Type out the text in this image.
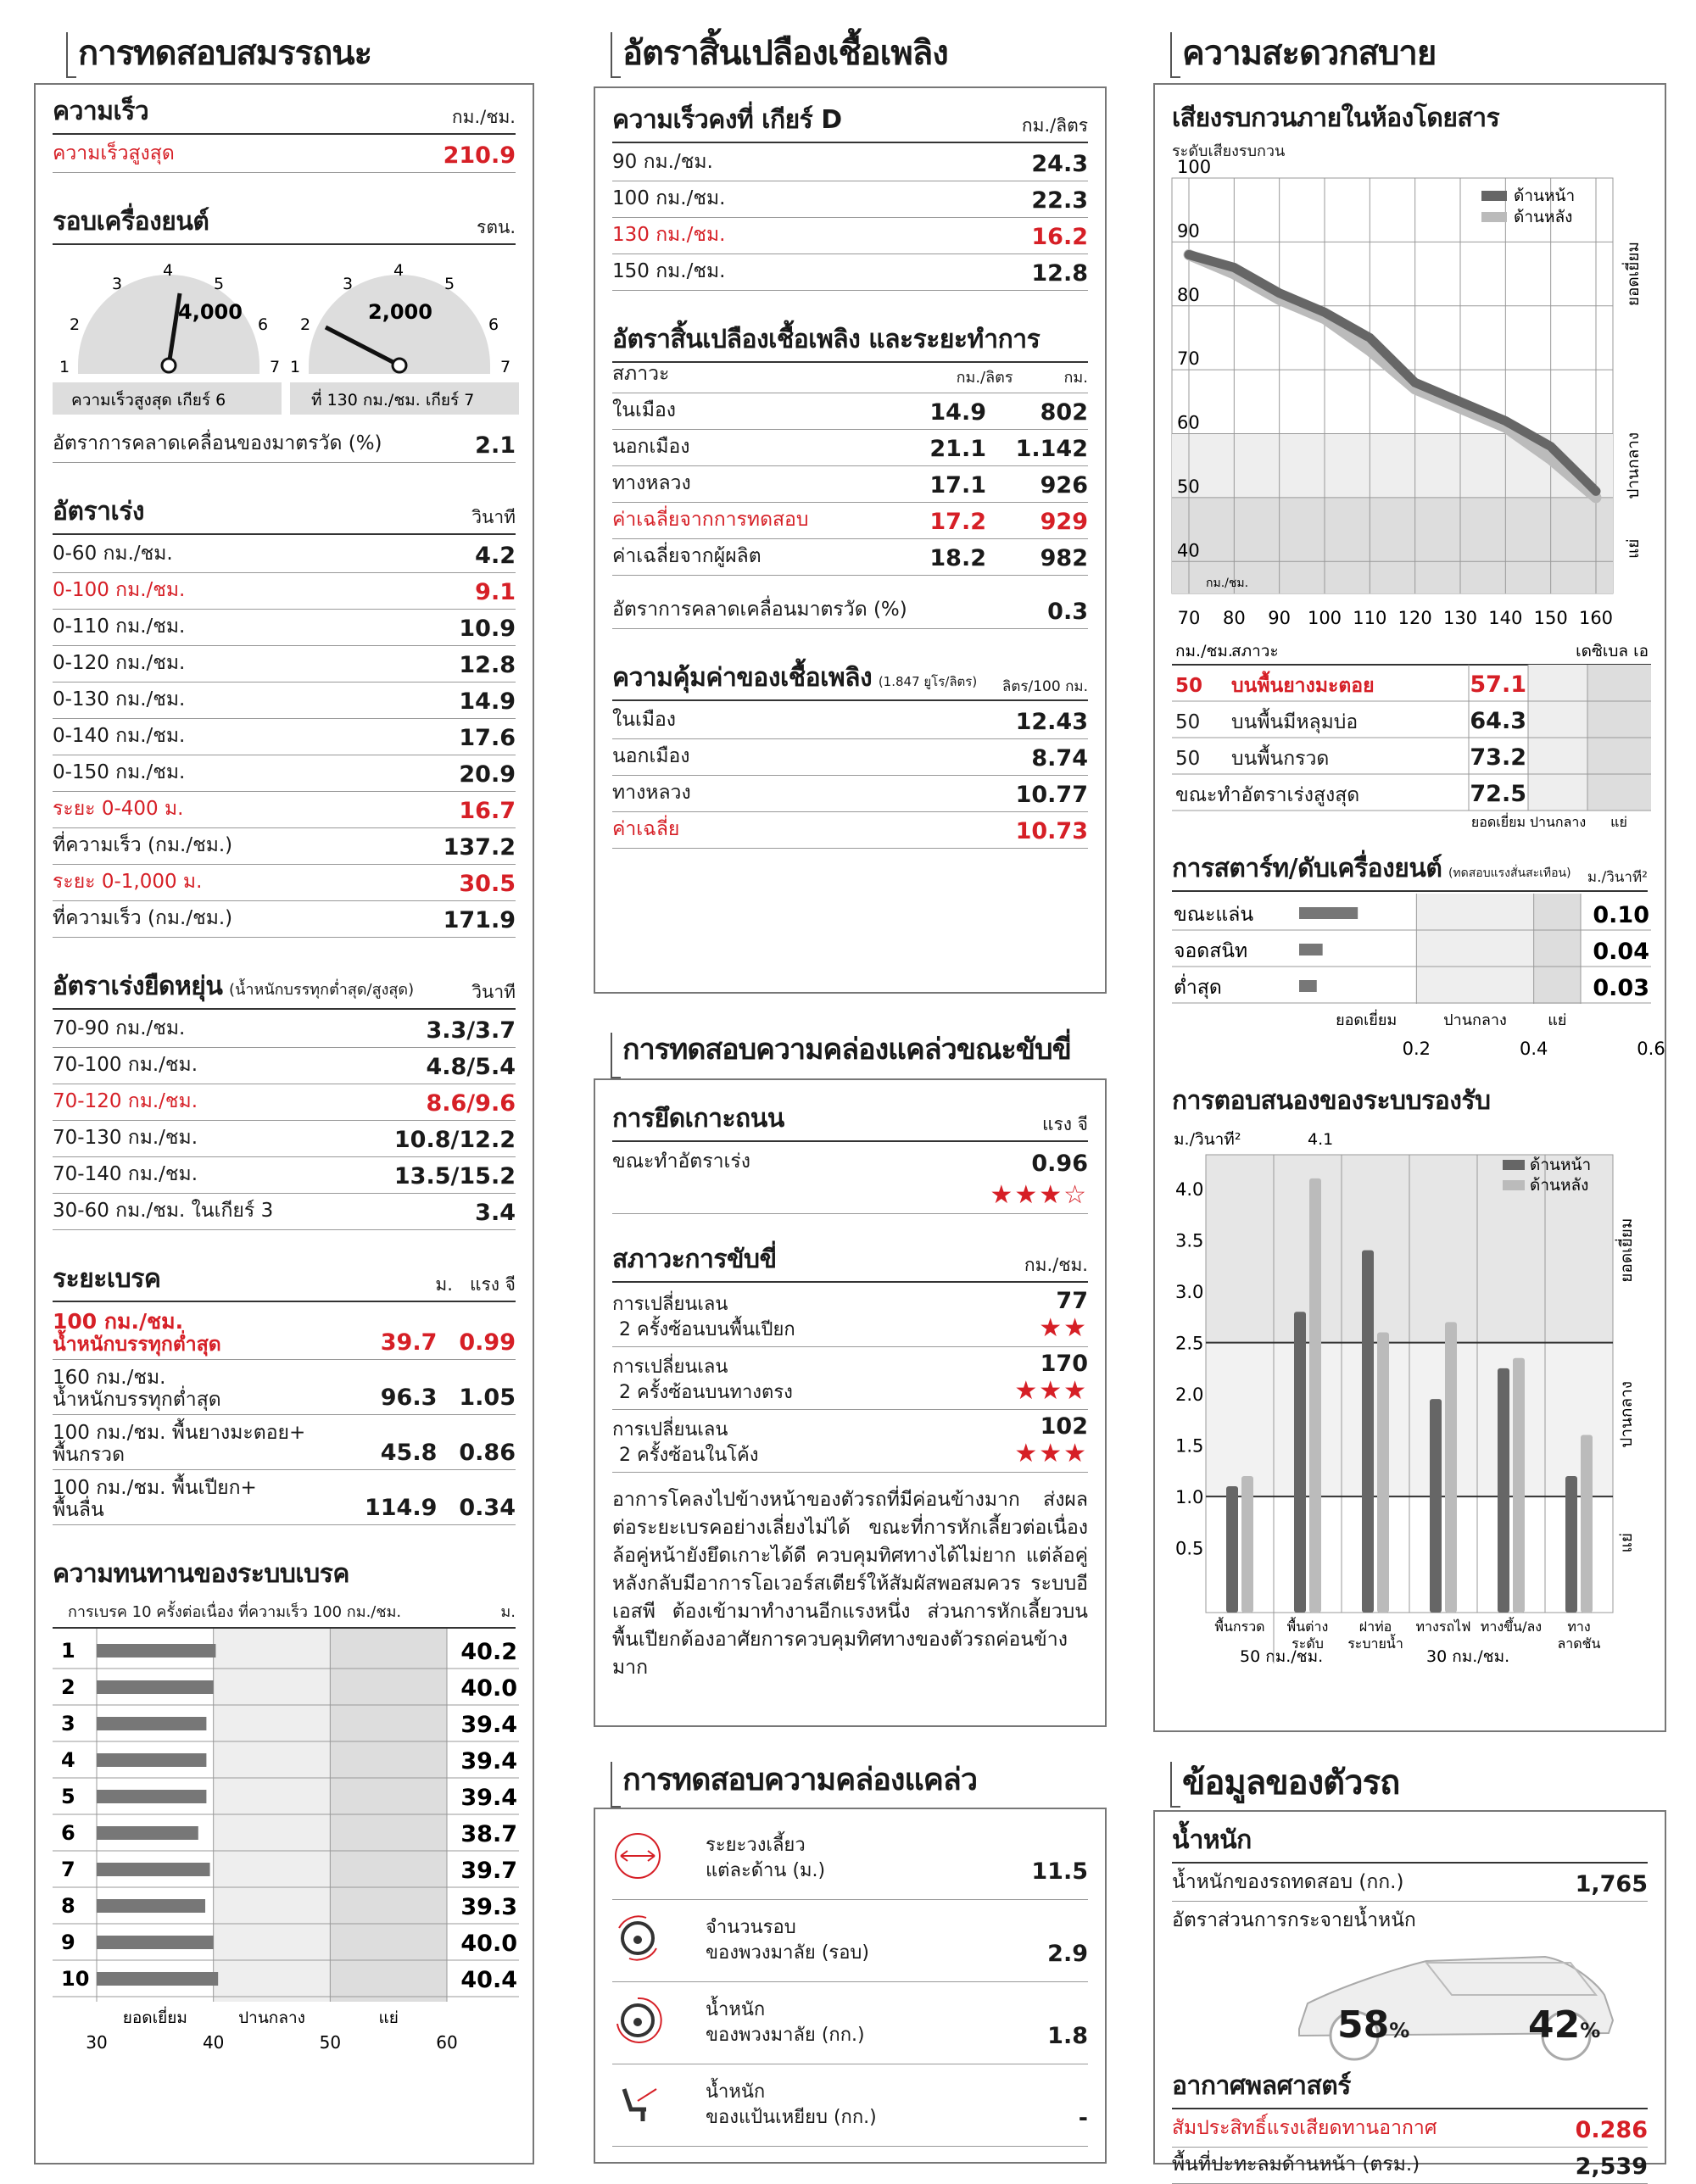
การทดสอบสมรรถนะ
ความเร็ว	กม./ชม.
ความเร็วสูงสุด	210.9
รอบเครื่องยนต์	รตน.
1
2
3
4
5
6
7
4,000
1
2
3
4
5
6
7
2,000
ความเร็วสูงสุด เกียร์ 6	ที่ 130 กม./ชม. เกียร์ 7
อัตราการคลาดเคลื่อนของมาตรวัด (%)	2.1
อัตราเร่ง	วินาที
0-60 กม./ชม.	4.2
0-100 กม./ชม.	9.1
0-110 กม./ชม.	10.9
0-120 กม./ชม.	12.8
0-130 กม./ชม.	14.9
0-140 กม./ชม.	17.6
0-150 กม./ชม.	20.9
ระยะ 0-400 ม.	16.7
ที่ความเร็ว (กม./ชม.)	137.2
ระยะ 0-1,000 ม.	30.5
ที่ความเร็ว (กม./ชม.)	171.9
อัตราเร่งยืดหยุ่น (น้ำหนักบรรทุกต่ำสุด/สูงสุด)	วินาที
70-90 กม./ชม.	3.3/3.7
70-100 กม./ชม.	4.8/5.4
70-120 กม./ชม.	8.6/9.6
70-130 กม./ชม.	10.8/12.2
70-140 กม./ชม.	13.5/15.2
30-60 กม./ชม. ในเกียร์ 3	3.4
ระยะเบรค	ม. แรง จี
100 กม./ชม.
น้ำหนักบรรทุกต่ำสุด	39.7 0.99
160 กม./ชม.
น้ำหนักบรรทุกต่ำสุด	96.3 1.05
100 กม./ชม. พื้นยางมะตอย+
พื้นกรวด	45.8 0.86
100 กม./ชม. พื้นเปียก+
พื้นลื่น	114.9 0.34
ความทนทานของระบบเบรค
การเบรค 10 ครั้งต่อเนื่อง ที่ความเร็ว 100 กม./ชม.	ม.
1	40.2
2	40.0
3	39.4
4	39.4
5	39.4
6	38.7
7	39.7
8	39.3
9	40.0
10	40.4
ยอดเยี่ยม	ปานกลาง	แย่
30	40	50	60
อัตราสิ้นเปลืองเชื้อเพลิง
ความเร็วคงที่ เกียร์ D	กม./ลิตร
90 กม./ชม.	24.3
100 กม./ชม.	22.3
130 กม./ชม.	16.2
150 กม./ชม.	12.8
อัตราสิ้นเปลืองเชื้อเพลิง และระยะทำการ
สภาวะ	กม./ลิตร	กม.
ในเมือง	14.9	802
นอกเมือง	21.1 1.142
ทางหลวง	17.1	926
ค่าเฉลี่ยจากการทดสอบ	17.2	929
ค่าเฉลี่ยจากผู้ผลิต	18.2	982
อัตราการคลาดเคลื่อนมาตรวัด (%)	0.3
ความคุ้มค่าของเชื้อเพลิง (1.847 ยูโร/ลิตร) ลิตร/100 กม.
ในเมือง	12.43
นอกเมือง	8.74
ทางหลวง	10.77
ค่าเฉลี่ย	10.73
การทดสอบความคล่องแคล่วขณะขับขี่
การยึดเกาะถนน	แรง จี
ขณะทำอัตราเร่ง	0.96
★★★☆
สภาวะการขับขี่	กม./ชม.
การเปลี่ยนเลน
2 ครั้งซ้อนบนพื้นเปียก
77
★★
การเปลี่ยนเลน
2 ครั้งซ้อนบนทางตรง
170
★★★
การเปลี่ยนเลน
2 ครั้งซ้อนในโค้ง
102
★★★
อาการโคลงไปข้างหน้าของตัวรถที่มีค่อนข้างมาก ส่งผลต่อระยะเบรคอย่างเลี่ยงไม่ได้ ขณะที่การหักเลี้ยวต่อเนื่อง ล้อคู่หน้ายังยึดเกาะได้ดี ควบคุมทิศทางได้ไม่ยาก แต่ล้อคู่หลังกลับมีอาการโอเวอร์สเตียร์ให้สัมผัสพอสมควร ระบบอีเอสพี ต้องเข้ามาทำงานอีกแรงหนึ่ง ส่วนการหักเลี้ยวบนพื้นเปียกต้องอาศัยการควบคุมทิศทางของตัวรถค่อนข้างมาก
การทดสอบความคล่องแคล่ว
ระยะวงเลี้ยว
แต่ละด้าน (ม.)	11.5
จำนวนรอบ
ของพวงมาลัย (รอบ)	2.9
น้ำหนัก
ของพวงมาลัย (กก.)	1.8
น้ำหนัก
ของแป้นเหยียบ (กก.)	-
ความสะดวกสบาย
เสียงรบกวนภายในห้องโดยสาร
ระดับเสียงรบกวน
100
90
80
70
60
50
40
70 80 90 100 110 120 130 140 150 160
กม./ชม.
ด้านหน้า
ด้านหลัง
ยอดเยี่ยม
ปานกลาง
แย่
กม./ชม.
สภาวะ	เดซิเบล เอ
50 บนพื้นยางมะตอย	57.1
50 บนพื้นมีหลุมบ่อ	64.3
50 บนพื้นกรวด	73.2
ขณะทำอัตราเร่งสูงสุด	72.5
ยอดเยี่ยม ปานกลาง แย่
การสตาร์ท/ดับเครื่องยนต์ (ทดสอบแรงสั่นสะเทือน) ม./วินาที²
ขณะแล่น	0.10
จอดสนิท	0.04
ต่ำสุด	0.03
ยอดเยี่ยม	ปานกลาง	แย่
0.2	0.4	0.6
การตอบสนองของระบบรองรับ
ม./วินาที²	4.1
4.0
3.5
3.0
2.5
2.0
1.5
1.0
0.5
พื้นกรวด พื้นต่าง
ระดับ
ฝาท่อ
ระบายน้ำ
ทางรถไฟ ทางขึ้น/ลง ทาง
ลาดชัน
50 กม./ชม.	30 กม./ชม.
ด้านหน้า
ด้านหลัง
ยอดเยี่ยม
ปานกลาง
แย่
ข้อมูลของตัวรถ
น้ำหนัก
น้ำหนักของรถทดสอบ (กก.)	1,765
อัตราส่วนการกระจายน้ำหนัก
58%	42%
อากาศพลศาสตร์
สัมประสิทธิ์แรงเสียดทานอากาศ	0.286
พื้นที่ปะทะลมด้านหน้า (ตรม.)	2,539
